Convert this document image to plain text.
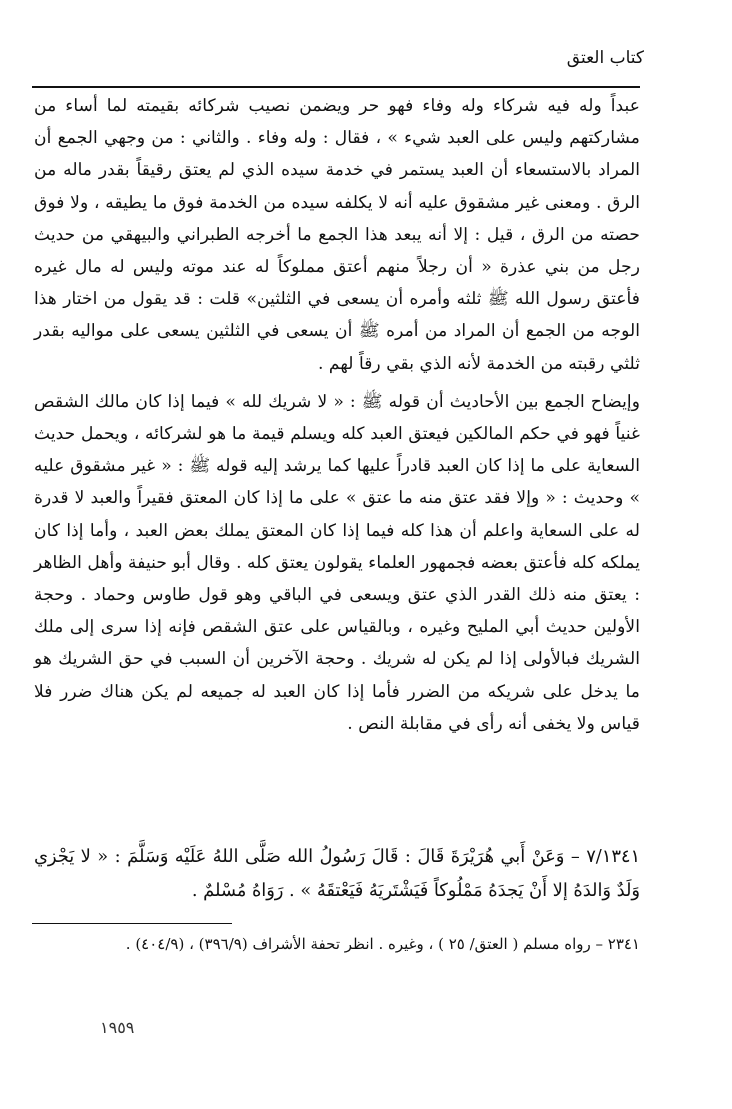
كتاب العتق

عبداً وله فيه شركاء وله وفاء فهو حر ويضمن نصيب شركائه بقيمته لما أساء من مشاركتهم وليس على العبد شيء » ، فقال : وله وفاء . والثاني : من وجهي الجمع أن المراد بالاستسعاء أن العبد يستمر في خدمة سيده الذي لم يعتق رقيقاً بقدر ماله من الرق . ومعنى غير مشقوق عليه أنه لا يكلفه سيده من الخدمة فوق ما يطيقه ، ولا فوق حصته من الرق ، قيل : إلا أنه يبعد هذا الجمع ما أخرجه الطبراني والبيهقي من حديث رجل من بني عذرة « أن رجلاً منهم أعتق مملوكاً له عند موته وليس له مال غيره فأعتق رسول الله ﷺ ثلثه وأمره أن يسعى في الثلثين» قلت : قد يقول من اختار هذا الوجه من الجمع أن المراد من أمره ﷺ أن يسعى في الثلثين يسعى على مواليه بقدر ثلثي رقبته من الخدمة لأنه الذي بقي رقاً لهم .

وإيضاح الجمع بين الأحاديث أن قوله ﷺ : « لا شريك لله » فيما إذا كان مالك الشقص غنياً فهو في حكم المالكين فيعتق العبد كله ويسلم قيمة ما هو لشركائه ، ويحمل حديث السعاية على ما إذا كان العبد قادراً عليها كما يرشد إليه قوله ﷺ : « غير مشقوق عليه » وحديث : « وإلا فقد عتق منه ما عتق » على ما إذا كان المعتق فقيراً والعبد لا قدرة له على السعاية واعلم أن هذا كله فيما إذا كان المعتق يملك بعض العبد ، وأما إذا كان يملكه كله فأعتق بعضه فجمهور العلماء يقولون يعتق كله . وقال أبو حنيفة وأهل الظاهر : يعتق منه ذلك القدر الذي عتق ويسعى في الباقي وهو قول طاوس وحماد . وحجة الأولين حديث أبي المليح وغيره ، وبالقياس على عتق الشقص فإنه إذا سرى إلى ملك الشريك فبالأولى إذا لم يكن له شريك . وحجة الآخرين أن السبب في حق الشريك هو ما يدخل على شريكه من الضرر فأما إذا كان العبد له جميعه لم يكن هناك ضرر فلا قياس ولا يخفى أنه رأى في مقابلة النص .

٧/١٣٤١ – وَعَنْ أَبي هُرَيْرَةَ قَالَ : قَالَ رَسُولُ الله صَلَّى اللهُ عَلَيْه وَسَلَّمَ : « لا يَجْزي وَلَدٌ وَالدَهُ إلا أَنْ يَجدَهُ مَمْلُوكاً فَيَشْتَريَهُ فَيَعْتقَهُ » . رَوَاهُ مُسْلمٌ .

٢٣٤١ – رواه مسلم ( العتق/ ٢٥ ) ، وغيره . انظر تحفة الأشراف (٣٩٦/٩) ، (٤٠٤/٩) .

١٩٥٩
